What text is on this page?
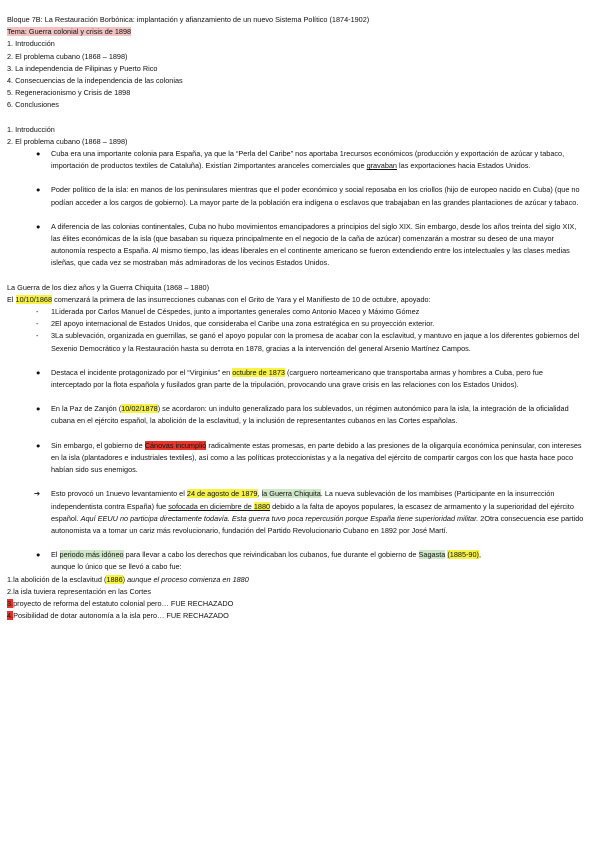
Bloque 7B: La Restauración Borbónica: implantación y afianzamiento de un nuevo Sistema Político (1874-1902)
Tema: Guerra colonial y crisis de 1898
1. Introducción
2. El problema cubano (1868 – 1898)
3. La independencia de Filipinas y Puerto Rico
4. Consecuencias de la independencia de las colonias
5. Regeneracionismo y Crisis de 1898
6. Conclusiones
1. Introducción
2. El problema cubano (1868 – 1898)
● Cuba era una importante colonia para España, ya que la “Perla del Caribe” nos aportaba 1recursos económicos (producción y exportación de azúcar y tabaco, importación de productos textiles de Cataluña). Existían 2importantes aranceles comerciales que gravaban las exportaciones hacia Estados Unidos.
● Poder político de la isla: en manos de los peninsulares mientras que el poder económico y social reposaba en los criollos (hijo de europeo nacido en Cuba) (que no podían acceder a los cargos de gobierno). La mayor parte de la población era indígena o esclavos que trabajaban en las grandes plantaciones de azúcar y tabaco.
● A diferencia de las colonias continentales, Cuba no hubo movimientos emancipadores a principios del siglo XIX. Sin embargo, desde los años treinta del siglo XIX, las élites económicas de la isla (que basaban su riqueza principalmente en el negocio de la caña de azúcar) comenzarán a mostrar su deseo de una mayor autonomía respecto a España. Al mismo tiempo, las ideas liberales en el continente americano se fueron extendiendo entre los intelectuales y las clases medias isleñas, que cada vez se mostraban más admiradoras de los vecinos Estados Unidos.
La Guerra de los diez años y la Guerra Chiquita (1868 – 1880)
El 10/10/1868 comenzará la primera de las insurrecciones cubanas con el Grito de Yara y el Manifiesto de 10 de octubre, apoyado:
- 1Liderada por Carlos Manuel de Céspedes, junto a importantes generales como Antonio Maceo y Máximo Gómez
- 2El apoyo internacional de Estados Unidos, que consideraba el Caribe una zona estratégica en su proyección exterior.
- 3La sublevación, organizada en guerrillas, se ganó el apoyo popular con la promesa de acabar con la esclavitud, y mantuvo en jaque a los diferentes gobiernos del Sexenio Democrático y la Restauración hasta su derrota en 1878, gracias a la intervención del general Arsenio Martínez Campos.
● Destaca el incidente protagonizado por el “Virginius” en octubre de 1873 (carguero norteamericano que transportaba armas y hombres a Cuba, pero fue interceptado por la flota española y fusilados gran parte de la tripulación, provocando una grave crisis en las relaciones con los Estados Unidos).
● En la Paz de Zanjón (10/02/1878) se acordaron: un indulto generalizado para los sublevados, un régimen autonómico para la isla, la integración de la oficialidad cubana en el ejército español, la abolición de la esclavitud, y la inclusión de representantes cubanos en las Cortes españolas.
● Sin embargo, el gobierno de Cánovas incumplió radicalmente estas promesas, en parte debido a las presiones de la oligarquía económica peninsular, con intereses en la isla (plantadores e industriales textiles), así como a las políticas proteccionistas y a la negativa del ejército de compartir cargos con los que hasta hace poco habían sido sus enemigos.
➔ Esto provocó un 1nuevo levantamiento el 24 de agosto de 1879, la Guerra Chiquita. La nueva sublevación de los mambises (Participante en la insurrección independentista contra España) fue sofocada en diciembre de 1880 debido a la falta de apoyos populares, la escasez de armamento y la superioridad del ejército español. Aquí EEUU no participa directamente todavía. Esta guerra tuvo poca repercusión porque España tiene superioridad militar. 2Otra consecuencia ese partido autonomista va a tomar un cariz más revolucionario, fundación del Partido Revolucionario Cubano en 1892 por José Martí.
● El periodo más idóneo para llevar a cabo los derechos que reivindicaban los cubanos, fue durante el gobierno de Sagasta (1885-90),
aunque lo único que se llevó a cabo fue:
1.la abolición de la esclavitud (1886) aunque el proceso comienza en 1880
2.la isla tuviera representación en las Cortes
3.proyecto de reforma del estatuto colonial pero… FUE RECHAZADO
4.Posibilidad de dotar autonomía a la isla pero… FUE RECHAZADO
